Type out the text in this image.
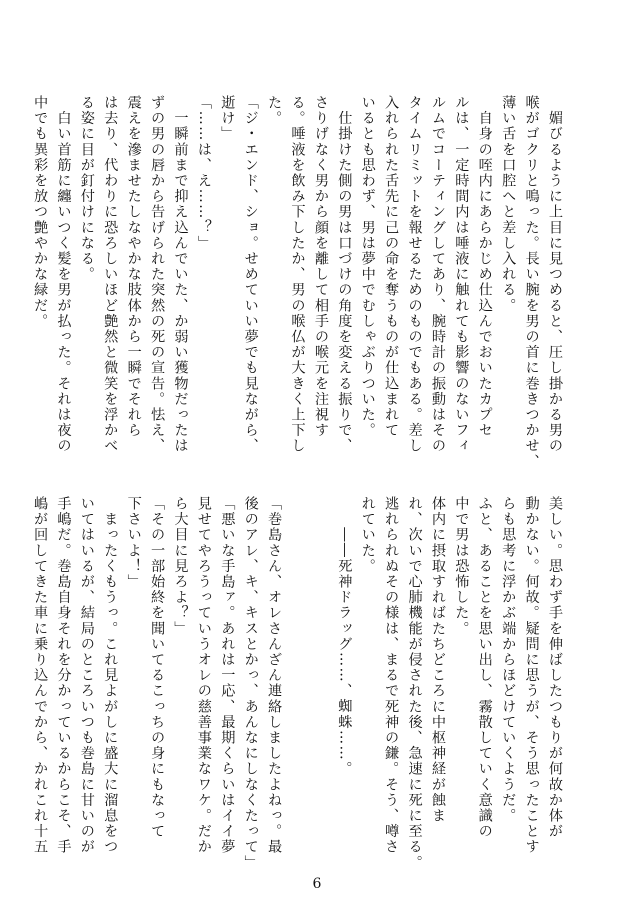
　媚びるように上目に見つめると、圧し掛かる男の
喉がゴクリと鳴った。長い腕を男の首に巻きつかせ、
薄い舌を口腔へと差し入れる。
　自身の咥内にあらかじめ仕込んでおいたカプセ
ルは、一定時間内は唾液に触れても影響のないフィ
ルムでコーティングしてあり、腕時計の振動はその
タイムリミットを報せるためのものでもある。差し
入れられた舌先に己の命を奪うものが仕込まれて
いるとも思わず、男は夢中でむしゃぶりついた。
　仕掛けた側の男は口づけの角度を変える振りで、
さりげなく男から顔を離して相手の喉元を注視す
る。唾液を飲み下したか、男の喉仏が大きく上下し
た。
「ジ・エンド、ショ。せめていい夢でも見ながら、
逝け」
「……は、え……？」
　一瞬前まで抑え込んでいた、か弱い獲物だったは
ずの男の唇から告げられた突然の死の宣告。怯え、
震えを滲ませたしなやかな肢体から一瞬でそれら
は去り、代わりに恐ろしいほど艶然と微笑を浮かべ
る姿に目が釘付けになる。
　白い首筋に纏いつく髪を男が払った。それは夜の
中でも異彩を放つ艶やかな緑だ。
美しい。思わず手を伸ばしたつもりが何故か体が
動かない。何故。疑問に思うが、そう思ったことす
らも思考に浮かぶ端からほどけていくようだ。
ふと、あることを思い出し、霧散していく意識の
中で男は恐怖した。
体内に摂取すればたちどころに中枢神経が蝕ま
れ、次いで心肺機能が侵された後、急速に死に至る。
逃れられぬその様は、まるで死神の鎌。そう、噂さ
れていた。
　　――死神ドラッグ……、蜘蛛……。

「巻島さん、オレさんざん連絡しましたよねっ。最
後のアレ、キ、キスとかっ、あんなにしなくたって」
「悪いな手島ァ。あれは一応、最期くらいはイイ夢
見せてやろうっていうオレの慈善事業なワケ。だか
ら大目に見ろよ？」
「その一部始終を聞いてるこっちの身にもなって
下さいよ！」
　まったくもうっ。これ見よがしに盛大に溜息をつ
いてはいるが、結局のところいつも巻島に甘いのが
手嶋だ。巻島自身それを分かっているからこそ、手
嶋が回してきた車に乗り込んでから、かれこれ十五
6
